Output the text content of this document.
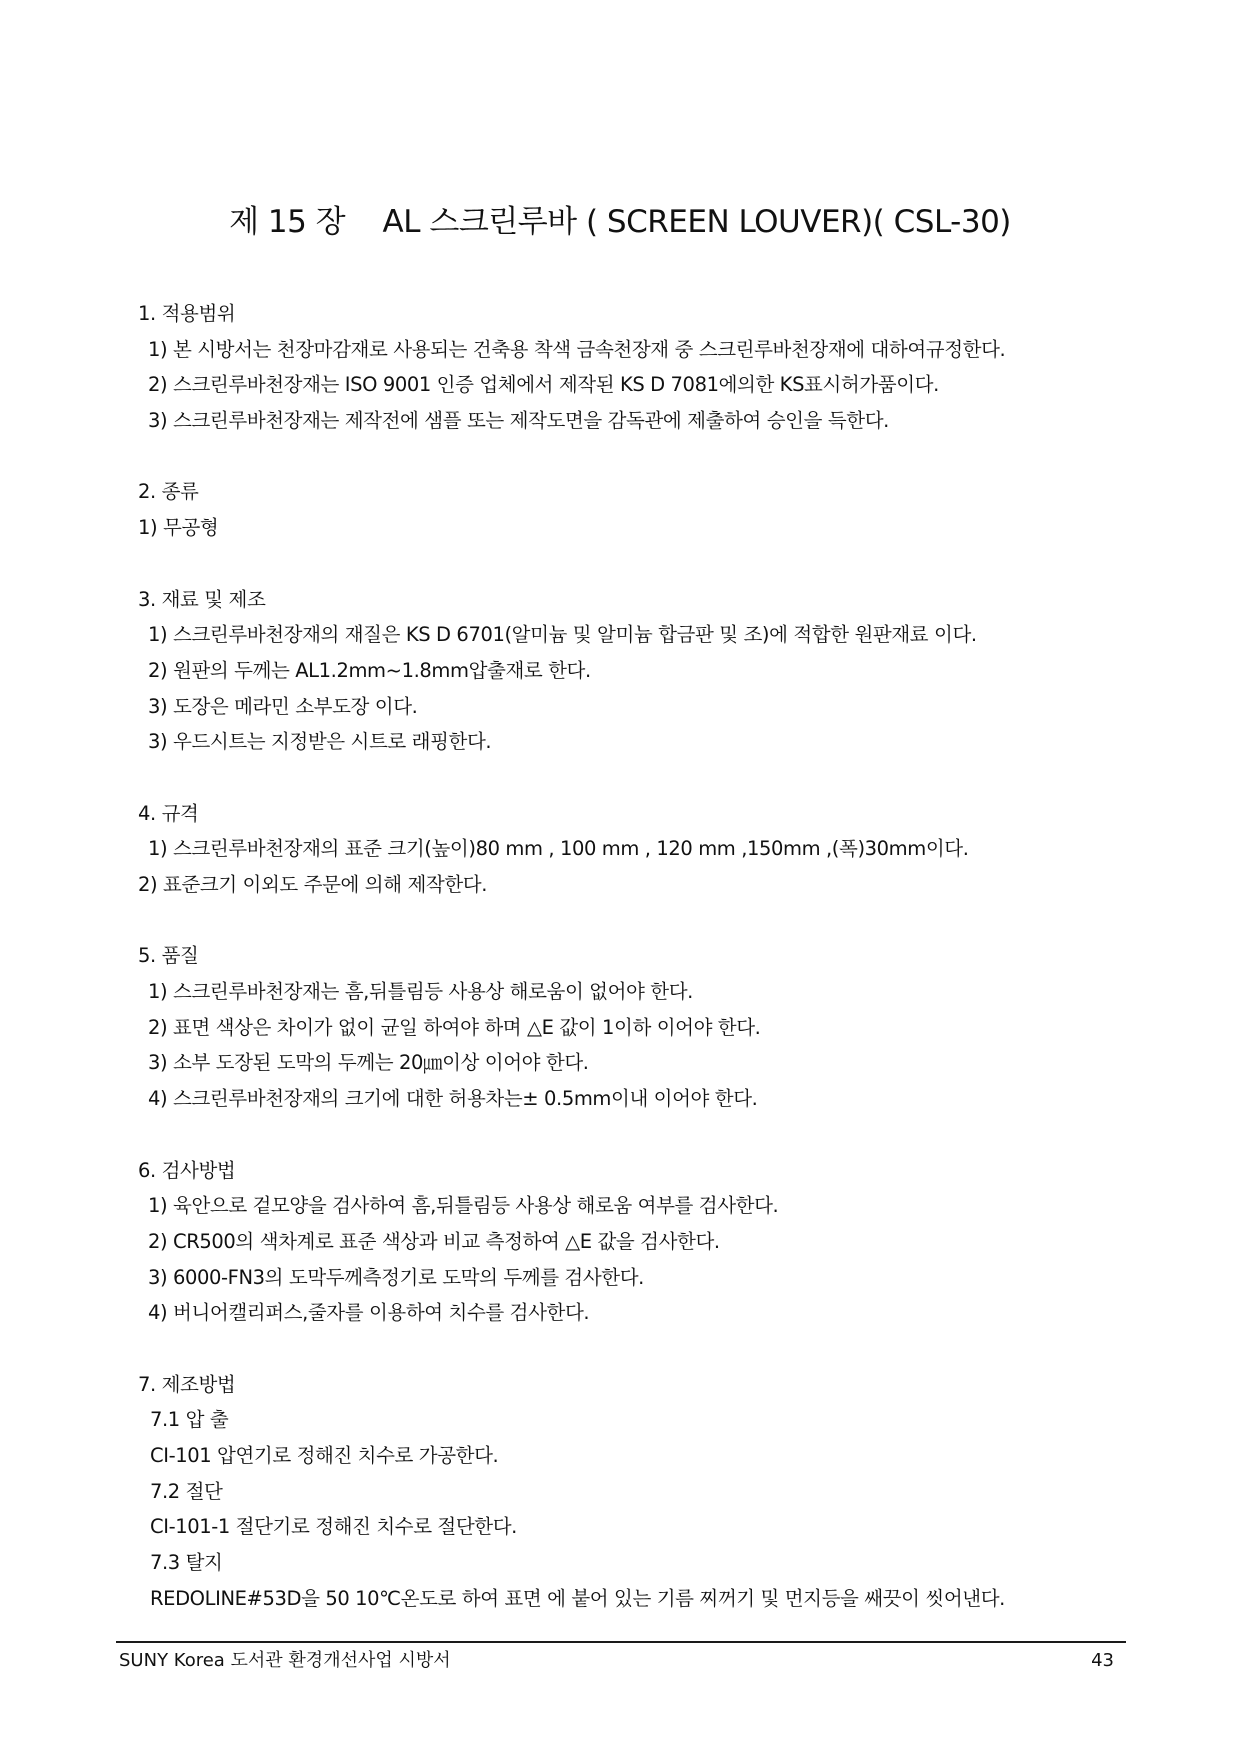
제 15 장    AL 스크린루바 ( SCREEN LOUVER)( CSL-30)
1. 적용범위
1) 본 시방서는 천장마감재로 사용되는 건축용 착색 금속천장재 중 스크린루바천장재에 대하여규정한다.
2) 스크린루바천장재는 ISO 9001 인증 업체에서 제작된 KS D 7081에의한 KS표시허가품이다.
3) 스크린루바천장재는 제작전에 샘플 또는 제작도면을 감독관에 제출하여 승인을 득한다.
2. 종류
1) 무공형
3. 재료 및 제조
1) 스크린루바천장재의 재질은 KS D 6701(알미늄 및 알미늄 합금판 및 조)에 적합한 원판재료 이다.
2) 원판의 두께는 AL1.2mm~1.8mm압출재로 한다.
3) 도장은 메라민 소부도장 이다.
3) 우드시트는 지정받은 시트로 래핑한다.
4. 규격
1) 스크린루바천장재의 표준 크기(높이)80 mm , 100 mm , 120 mm ,150mm ,(폭)30mm이다.
2) 표준크기 이외도 주문에 의해 제작한다.
5. 품질
1) 스크린루바천장재는 흠,뒤틀림등 사용상 해로움이 없어야 한다.
2) 표면 색상은 차이가 없이 균일 하여야 하며 △E 값이 1이하 이어야 한다.
3) 소부 도장된 도막의 두께는 20㎛이상 이어야 한다.
4) 스크린루바천장재의 크기에 대한 허용차는± 0.5mm이내 이어야 한다.
6. 검사방법
1) 육안으로 겉모양을 검사하여 흠,뒤틀림등 사용상 해로움 여부를 검사한다.
2) CR500의 색차계로 표준 색상과 비교 측정하여 △E 값을 검사한다.
3) 6000-FN3의 도막두께측정기로 도막의 두께를 검사한다.
4) 버니어캘리퍼스,줄자를 이용하여 치수를 검사한다.
7. 제조방법
7.1 압 출
CI-101 압연기로 정해진 치수로 가공한다.
7.2 절단
CI-101-1 절단기로 정해진 치수로 절단한다.
7.3 탈지
REDOLINE#53D을 50 10℃온도로 하여 표면 에 붙어 있는 기름 찌꺼기 및 먼지등을 쌔끗이 씻어낸다.
SUNY Korea 도서관 환경개선사업 시방서	43
